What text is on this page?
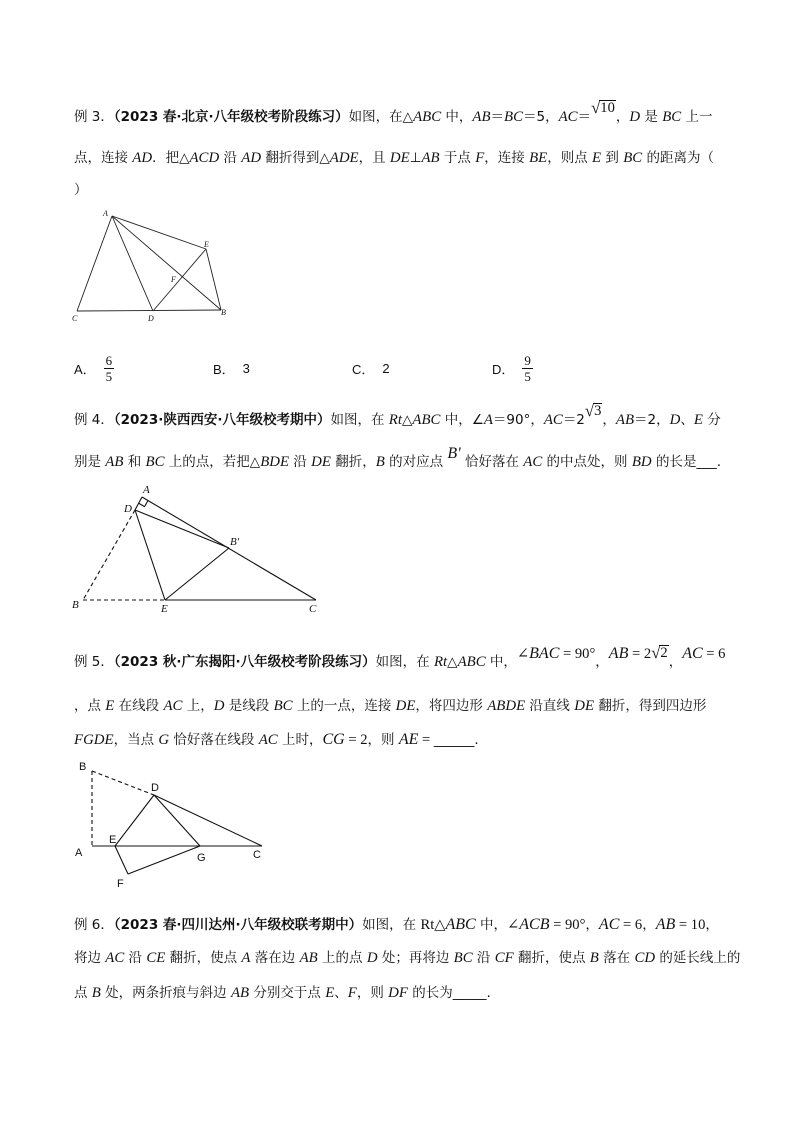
例 3．（2023 春·北京·八年级校考阶段练习）如图，在△ABC 中，AB＝BC＝5，AC＝ √ 10
，D 是 BC 上一
点，连接 AD．把△ACD 沿 AD 翻折得到△ADE，且 DE⊥AB 于点 F，连接 BE，则点 E 到 BC 的距离为（
）
A
E
F
C	D
B
A． $\frac{6}{5}$	B． 3	C． 2	D． $\frac{9}{5}$
例 4．（2023·陕西西安·八年级校考期中）如图，在 Rt△ABC 中，∠A＝90°，AC＝2 √ 3
，AB＝2，D、E 分
别是 AB 和 BC 上的点，若把△BDE 沿 DE 翻折，B 的对应点 B′ 恰好落在 AC 的中点处，则 BD 的长是___.
A
D
B′
B	E	C
例 5．（2023 秋·广东揭阳·八年级校考阶段练习）如图，在 Rt△ABC 中，∠BAC = 90°，AB = 2 √ 2
，AC = 6
，点 E 在线段 AC 上，D 是线段 BC 上的一点，连接 DE，将四边形 ABDE 沿直线 DE 翻折，得到四边形
FGDE，当点 G 恰好落在线段 AC 上时，CG = 2，则 AE = ______.
B
D
A
E
G	C
F
例 6．（2023 春·四川达州·八年级校联考期中）如图，在 Rt△ABC 中，∠ACB = 90°，AC = 6，AB = 10，
将边 AC 沿 CE 翻折，使点 A 落在边 AB 上的点 D 处；再将边 BC 沿 CF 翻折，使点 B 落在 CD 的延长线上的
点 B 处，两条折痕与斜边 AB 分别交于点 E、F，则 DF 的长为_____.
